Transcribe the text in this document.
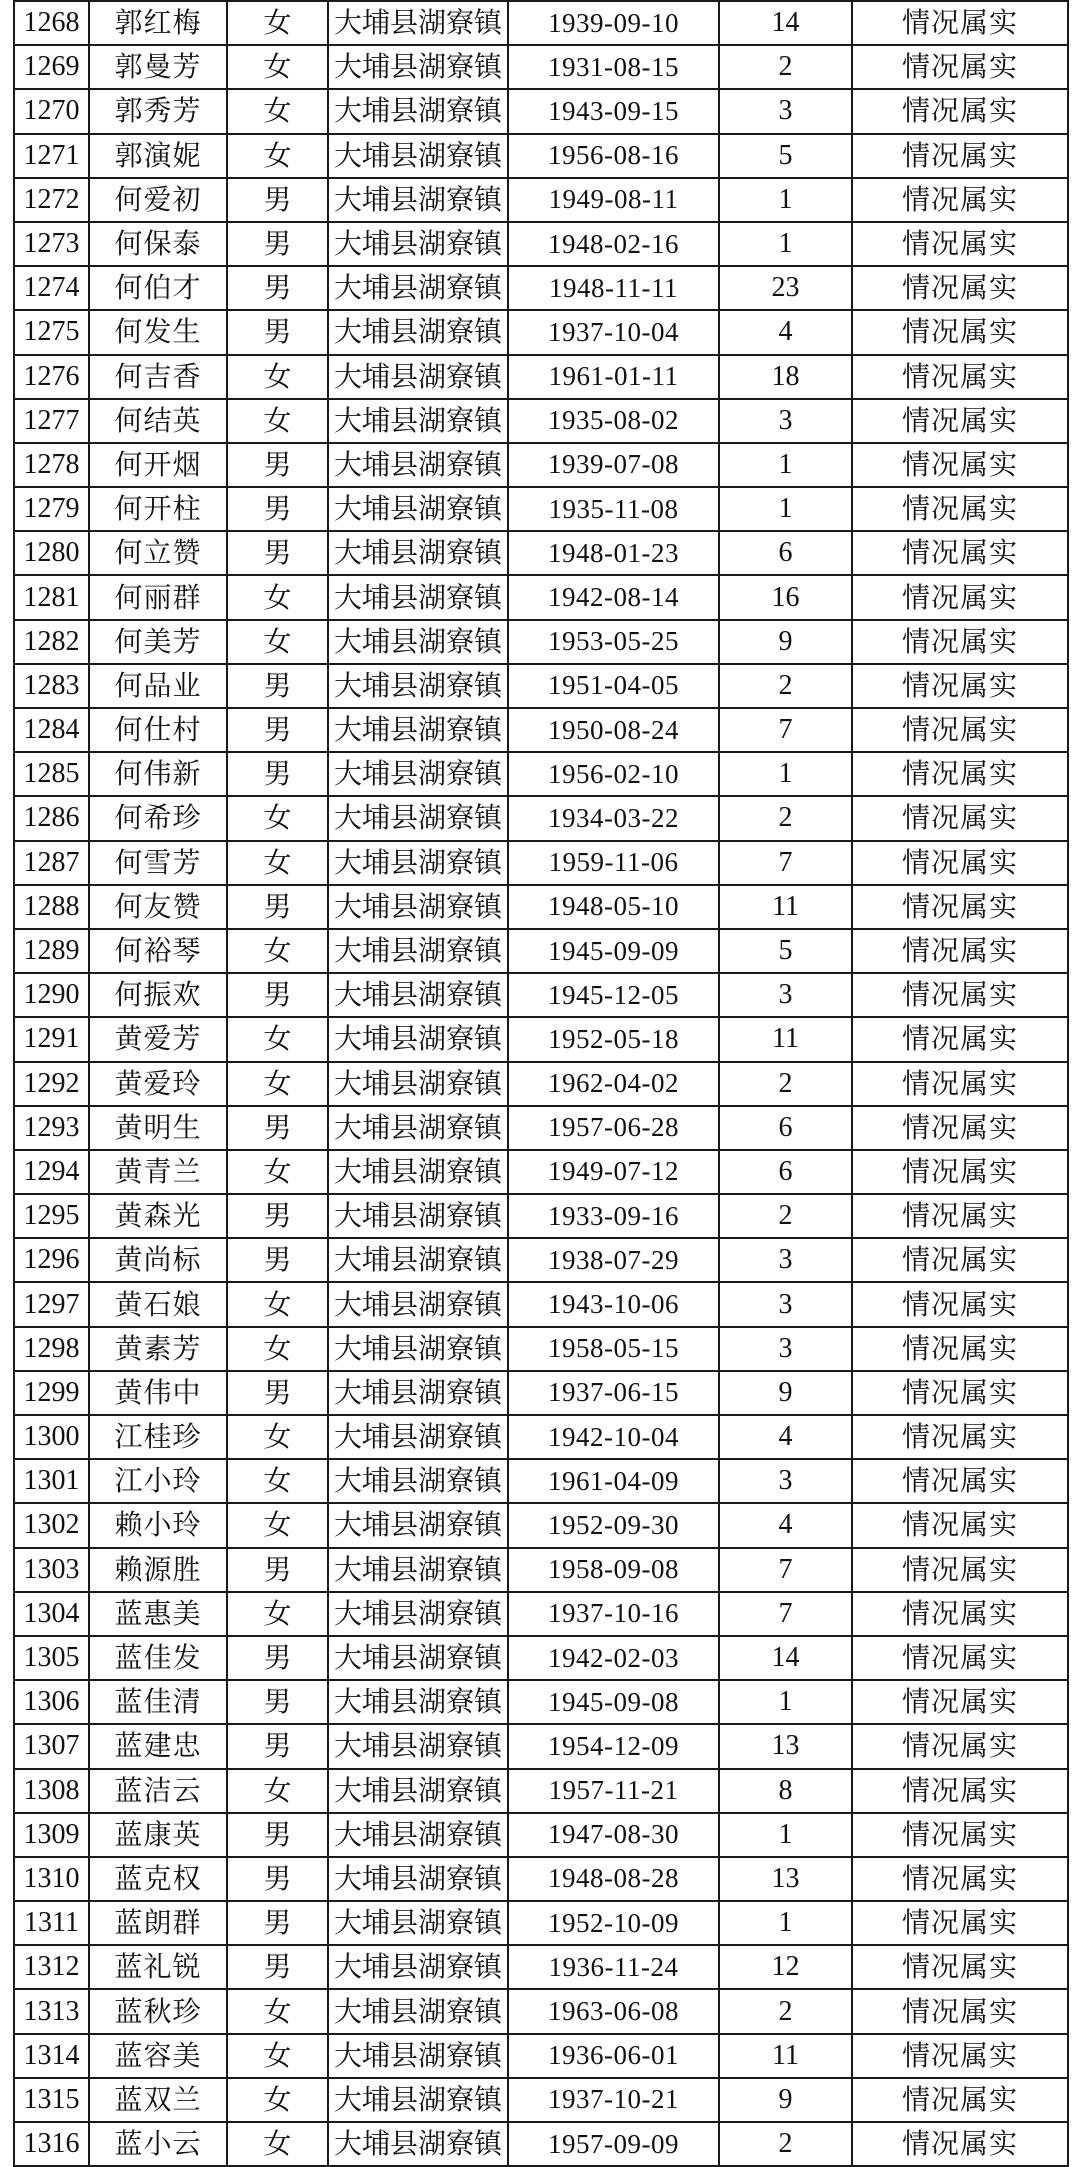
1268	郭红梅	女	大埔县湖寮镇	1939-09-10	14	情况属实
1269	郭曼芳	女	大埔县湖寮镇	1931-08-15	2	情况属实
1270	郭秀芳	女	大埔县湖寮镇	1943-09-15	3	情况属实
1271	郭演妮	女	大埔县湖寮镇	1956-08-16	5	情况属实
1272	何爱初	男	大埔县湖寮镇	1949-08-11	1	情况属实
1273	何保泰	男	大埔县湖寮镇	1948-02-16	1	情况属实
1274	何伯才	男	大埔县湖寮镇	1948-11-11	23	情况属实
1275	何发生	男	大埔县湖寮镇	1937-10-04	4	情况属实
1276	何吉香	女	大埔县湖寮镇	1961-01-11	18	情况属实
1277	何结英	女	大埔县湖寮镇	1935-08-02	3	情况属实
1278	何开烟	男	大埔县湖寮镇	1939-07-08	1	情况属实
1279	何开柱	男	大埔县湖寮镇	1935-11-08	1	情况属实
1280	何立赞	男	大埔县湖寮镇	1948-01-23	6	情况属实
1281	何丽群	女	大埔县湖寮镇	1942-08-14	16	情况属实
1282	何美芳	女	大埔县湖寮镇	1953-05-25	9	情况属实
1283	何品业	男	大埔县湖寮镇	1951-04-05	2	情况属实
1284	何仕村	男	大埔县湖寮镇	1950-08-24	7	情况属实
1285	何伟新	男	大埔县湖寮镇	1956-02-10	1	情况属实
1286	何希珍	女	大埔县湖寮镇	1934-03-22	2	情况属实
1287	何雪芳	女	大埔县湖寮镇	1959-11-06	7	情况属实
1288	何友赞	男	大埔县湖寮镇	1948-05-10	11	情况属实
1289	何裕琴	女	大埔县湖寮镇	1945-09-09	5	情况属实
1290	何振欢	男	大埔县湖寮镇	1945-12-05	3	情况属实
1291	黄爱芳	女	大埔县湖寮镇	1952-05-18	11	情况属实
1292	黄爱玲	女	大埔县湖寮镇	1962-04-02	2	情况属实
1293	黄明生	男	大埔县湖寮镇	1957-06-28	6	情况属实
1294	黄青兰	女	大埔县湖寮镇	1949-07-12	6	情况属实
1295	黄森光	男	大埔县湖寮镇	1933-09-16	2	情况属实
1296	黄尚标	男	大埔县湖寮镇	1938-07-29	3	情况属实
1297	黄石娘	女	大埔县湖寮镇	1943-10-06	3	情况属实
1298	黄素芳	女	大埔县湖寮镇	1958-05-15	3	情况属实
1299	黄伟中	男	大埔县湖寮镇	1937-06-15	9	情况属实
1300	江桂珍	女	大埔县湖寮镇	1942-10-04	4	情况属实
1301	江小玲	女	大埔县湖寮镇	1961-04-09	3	情况属实
1302	赖小玲	女	大埔县湖寮镇	1952-09-30	4	情况属实
1303	赖源胜	男	大埔县湖寮镇	1958-09-08	7	情况属实
1304	蓝惠美	女	大埔县湖寮镇	1937-10-16	7	情况属实
1305	蓝佳发	男	大埔县湖寮镇	1942-02-03	14	情况属实
1306	蓝佳清	男	大埔县湖寮镇	1945-09-08	1	情况属实
1307	蓝建忠	男	大埔县湖寮镇	1954-12-09	13	情况属实
1308	蓝洁云	女	大埔县湖寮镇	1957-11-21	8	情况属实
1309	蓝康英	男	大埔县湖寮镇	1947-08-30	1	情况属实
1310	蓝克权	男	大埔县湖寮镇	1948-08-28	13	情况属实
1311	蓝朗群	男	大埔县湖寮镇	1952-10-09	1	情况属实
1312	蓝礼锐	男	大埔县湖寮镇	1936-11-24	12	情况属实
1313	蓝秋珍	女	大埔县湖寮镇	1963-06-08	2	情况属实
1314	蓝容美	女	大埔县湖寮镇	1936-06-01	11	情况属实
1315	蓝双兰	女	大埔县湖寮镇	1937-10-21	9	情况属实
1316	蓝小云	女	大埔县湖寮镇	1957-09-09	2	情况属实
